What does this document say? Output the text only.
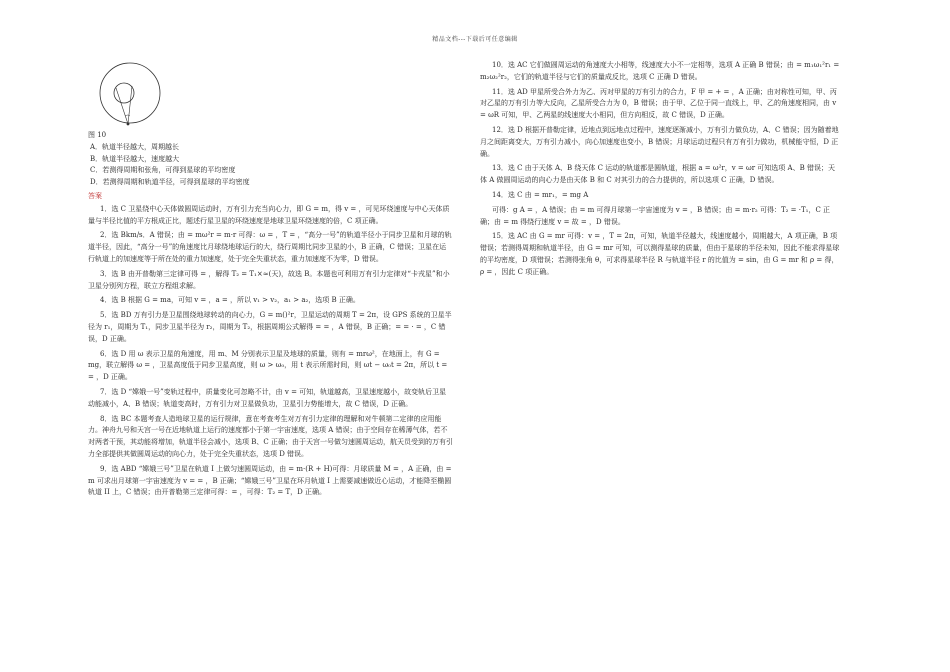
精品文档---下载后可任意编辑

图 10

A．轨道半径越大，周期越长

B．轨道半径越大，速度越大

C．若测得周期和张角，可得到星球的平均密度

D．若测得周期和轨道半径，可得到星球的平均密度

答案

1．选 C 卫星绕中心天体做圆周运动时，万有引力充当向心力，即 G = m，得 v = ，可见环绕速度与中心天体质量与半径比值的平方根成正比，题述行星卫星的环绕速度是地球卫星环绕速度的倍，C 项正确。

2．选 Bkm/s．A 错误；由 = mω²r = m·r 可得：ω = ，T = ，“高分一号”的轨道半径小于同步卫星和月球的轨道半径，因此，“高分一号”的角速度比月球绕地球运行的大，绕行周期比同步卫星的小，B 正确，C 错误；卫星在运行轨道上的加速度等于所在处的重力加速度，处于完全失重状态，重力加速度不为零，D 错误。

3．选 B 由开普勒第三定律可得 = ，解得 T₂ = T₁×≈(天)，故选 B。本题也可利用万有引力定律对“卡戎星”和小卫星分别列方程，联立方程组求解。

4．选 B 根据 G = ma，可知 v = ，a = ，所以 v₁ > v₂，a₁ > a₂，选项 B 正确。

5．选 BD 万有引力是卫星围绕地球转动的向心力，G = m()²r，卫星运动的周期 T = 2π，设 GPS 系统的卫星半径为 r₁，周期为 T₁，同步卫星半径为 r₂，周期为 T₂，根据周期公式解得 = = ，A 错误，B 正确；= = · = ，C 错误，D 正确。

6．选 D 用 ω 表示卫星的角速度，用 m、M 分别表示卫星及地球的质量，则有 = mrω²，在地面上，有 G = mg，联立解得 ω = ，卫星高度低于同步卫星高度，则 ω > ω₀，用 t 表示所需时间，则 ωt − ω₀t = 2π，所以 t = = ，D 正确。

7．选 D “嫦娥一号”变轨过程中，质量变化可忽略不计，由 v = 可知，轨道越高，卫星速度越小，故变轨后卫星动能减小，A、B 错误；轨道变高时，万有引力对卫星做负功，卫星引力势能增大，故 C 错误，D 正确。

8．选 BC 本题考查人造地球卫星的运行规律，意在考查考生对万有引力定律的理解和对牛顿第二定律的应用能力。神舟九号和天宫一号在近地轨道上运行的速度都小于第一宇宙速度，选项 A 错误；由于空间存在稀薄气体，若不对两者干预，其动能将增加，轨道半径会减小，选项 B、C 正确；由于天宫一号做匀速圆周运动，航天员受到的万有引力全部提供其做圆周运动的向心力，处于完全失重状态，选项 D 错误。

9．选 ABD “嫦娥三号”卫星在轨道 I 上做匀速圆周运动，由 = m·(R + H)可得：月球质量 M = ，A 正确，由 = m 可求出月球第一宇宙速度为 v = = ，B 正确；“嫦娥三号”卫星在环月轨道 I 上需要减速做近心运动，才能降至椭圆轨道 II 上，C 错误；由开普勒第三定律可得：= ，可得：T₂ = T，D 正确。

10．选 AC 它们做圆周运动的角速度大小相等，线速度大小不一定相等，选项 A 正确 B 错误；由 = m₁ω₁²r₁ = m₂ω₂²r₂，它们的轨道半径与它们的质量成反比，选项 C 正确 D 错误。

11．选 AD 甲星所受合外力为乙、丙对甲星的万有引力的合力，F 甲 = + = ，A 正确；由对称性可知，甲、丙对乙星的万有引力等大反向，乙星所受合力为 0，B 错误；由于甲、乙位于同一直线上，甲、乙的角速度相同，由 v = ωR 可知，甲、乙两星的线速度大小相同，但方向相反，故 C 错误，D 正确。

12．选 D 根据开普勒定律，近地点到远地点过程中，速度逐渐减小，万有引力做负功，A、C 错误；因为随着地月之间距离变大，万有引力减小，向心加速度也变小，B 错误；月球运动过程只有万有引力做功，机械能守恒，D 正确。

13．选 C 由于天体 A、B 绕天体 C 运动的轨道都是圆轨道，根据 a = ω²r，v = ωr 可知选项 A、B 错误；天体 A 做圆周运动的向心力是由天体 B 和 C 对其引力的合力提供的，所以选项 C 正确，D 错误。

14．选 C 由 = mr₁，= mg A

可得：g A = ，A 错误；由 = m 可得月球第一宇宙速度为 v = ，B 错误；由 = m·r₂ 可得：T₂ = ·T₁，C 正确；由 = m 得绕行速度 v = 故 = ，D 错误。

15．选 AC 由 G = mr 可得：v = ，T = 2π，可知，轨道半径越大，线速度越小，周期越大，A 项正确，B 项错误；若测得周期和轨道半径，由 G = mr 可知，可以测得星球的质量，但由于星球的半径未知，因此不能求得星球的平均密度，D 项错误；若测得张角 θ，可求得星球半径 R 与轨道半径 r 的比值为 = sin，由 G = mr 和 ρ = 得，ρ = ，因此 C 项正确。
